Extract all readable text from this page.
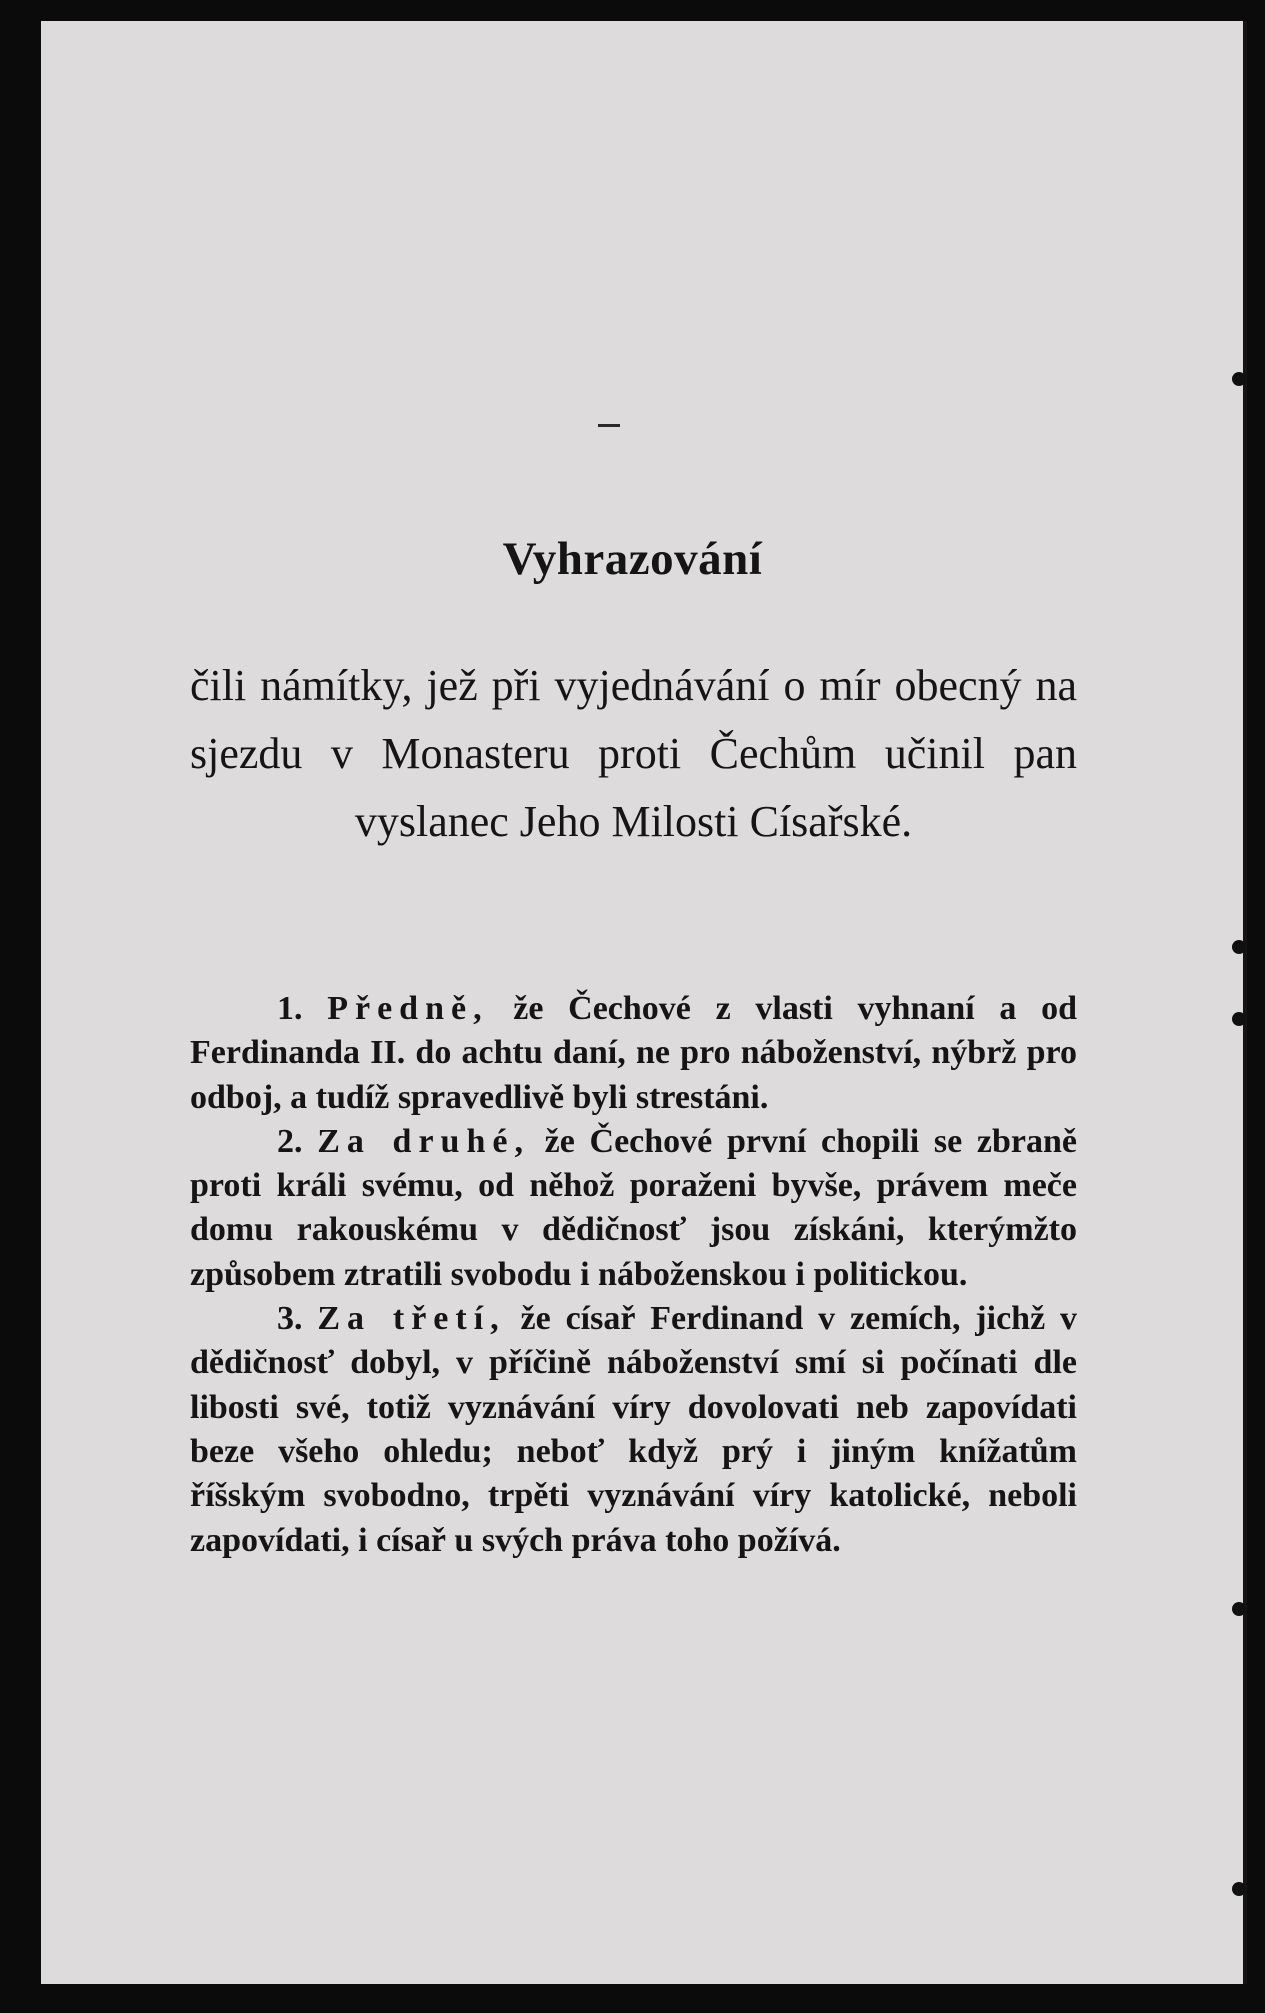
Vyhrazování

čili námítky, jež při vyjednávání o mír obecný na sjezdu v Monasteru proti Čechům učinil pan vyslanec Jeho Milosti Císařské.

1. Předně, že Čechové z vlasti vyhnaní a od Ferdinanda II. do achtu daní, ne pro náboženství, nýbrž pro odboj, a tudíž spravedlivě byli strestáni.

2. Za druhé, že Čechové první chopili se zbraně proti králi svému, od něhož poraženi byvše, právem meče domu rakouskému v dědičnosť jsou získáni, kterýmžto způsobem ztratili svobodu i náboženskou i politickou.

3. Za třetí, že císař Ferdinand v zemích, jichž v dědičnosť dobyl, v příčině náboženství smí si počínati dle libosti své, totiž vyznávání víry dovolovati neb zapovídati beze všeho ohledu; neboť když prý i jiným knížatům říšským svobodno, trpěti vyznávání víry katolické, neboli zapovídati, i císař u svých práva toho požívá.
